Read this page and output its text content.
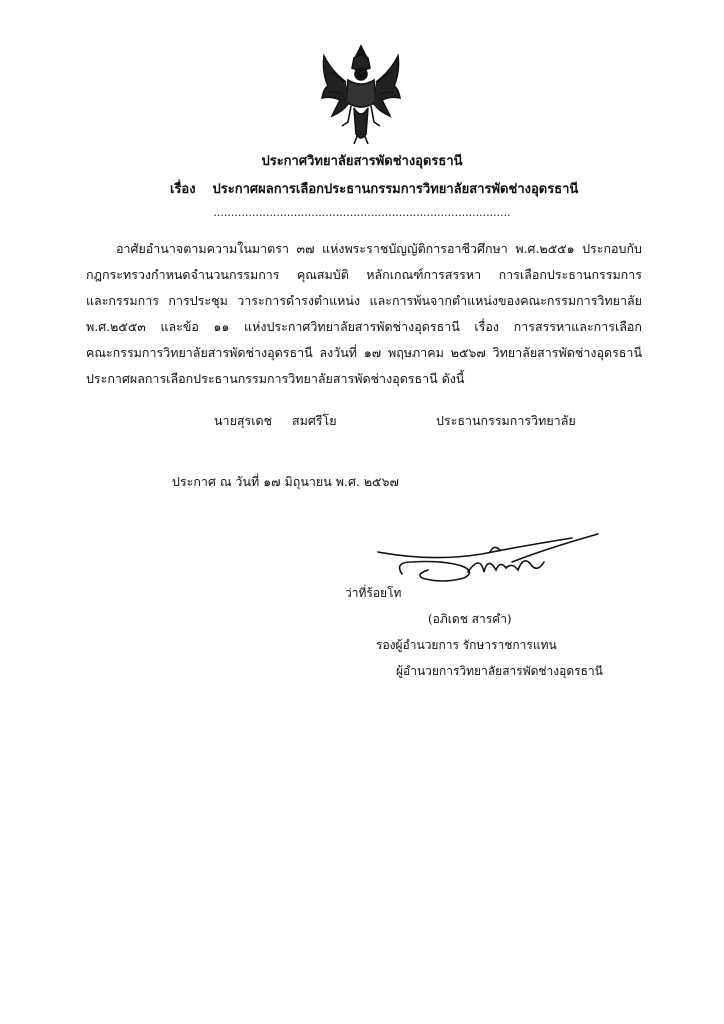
ประกาศวิทยาลัยสารพัดช่างอุดรธานี
เรื่อง ประกาศผลการเลือกประธานกรรมการวิทยาลัยสารพัดช่างอุดรธานี
.....................................................................................
อาศัยอำนาจตามความในมาตรา ๓๗ แห่งพระราชบัญญัติการอาชีวศึกษา พ.ศ.๒๕๕๑ ประกอบกับ
กฎกระทรวงกำหนดจำนวนกรรมการ คุณสมบัติ หลักเกณฑ์การสรรหา การเลือกประธานกรรมการ
และกรรมการ การประชุม วาระการดำรงตำแหน่ง และการพ้นจากตำแหน่งของคณะกรรมการวิทยาลัย
พ.ศ.๒๕๕๓ และข้อ ๑๑ แห่งประกาศวิทยาลัยสารพัดช่างอุดรธานี เรื่อง การสรรหาและการเลือก
คณะกรรมการวิทยาลัยสารพัดช่างอุดรธานี ลงวันที่ ๑๗ พฤษภาคม ๒๕๖๗ วิทยาลัยสารพัดช่างอุดรธานี
ประกาศผลการเลือกประธานกรรมการวิทยาลัยสารพัดช่างอุดรธานี ดังนี้
นายสุรเดช สมศรีโย	ประธานกรรมการวิทยาลัย
ประกาศ ณ วันที่ ๑๗ มิถุนายน พ.ศ. ๒๕๖๗
ว่าที่ร้อยโท
(อภิเดช สารคำ)
รองผู้อำนวยการ รักษาราชการแทน
ผู้อำนวยการวิทยาลัยสารพัดช่างอุดรธานี
